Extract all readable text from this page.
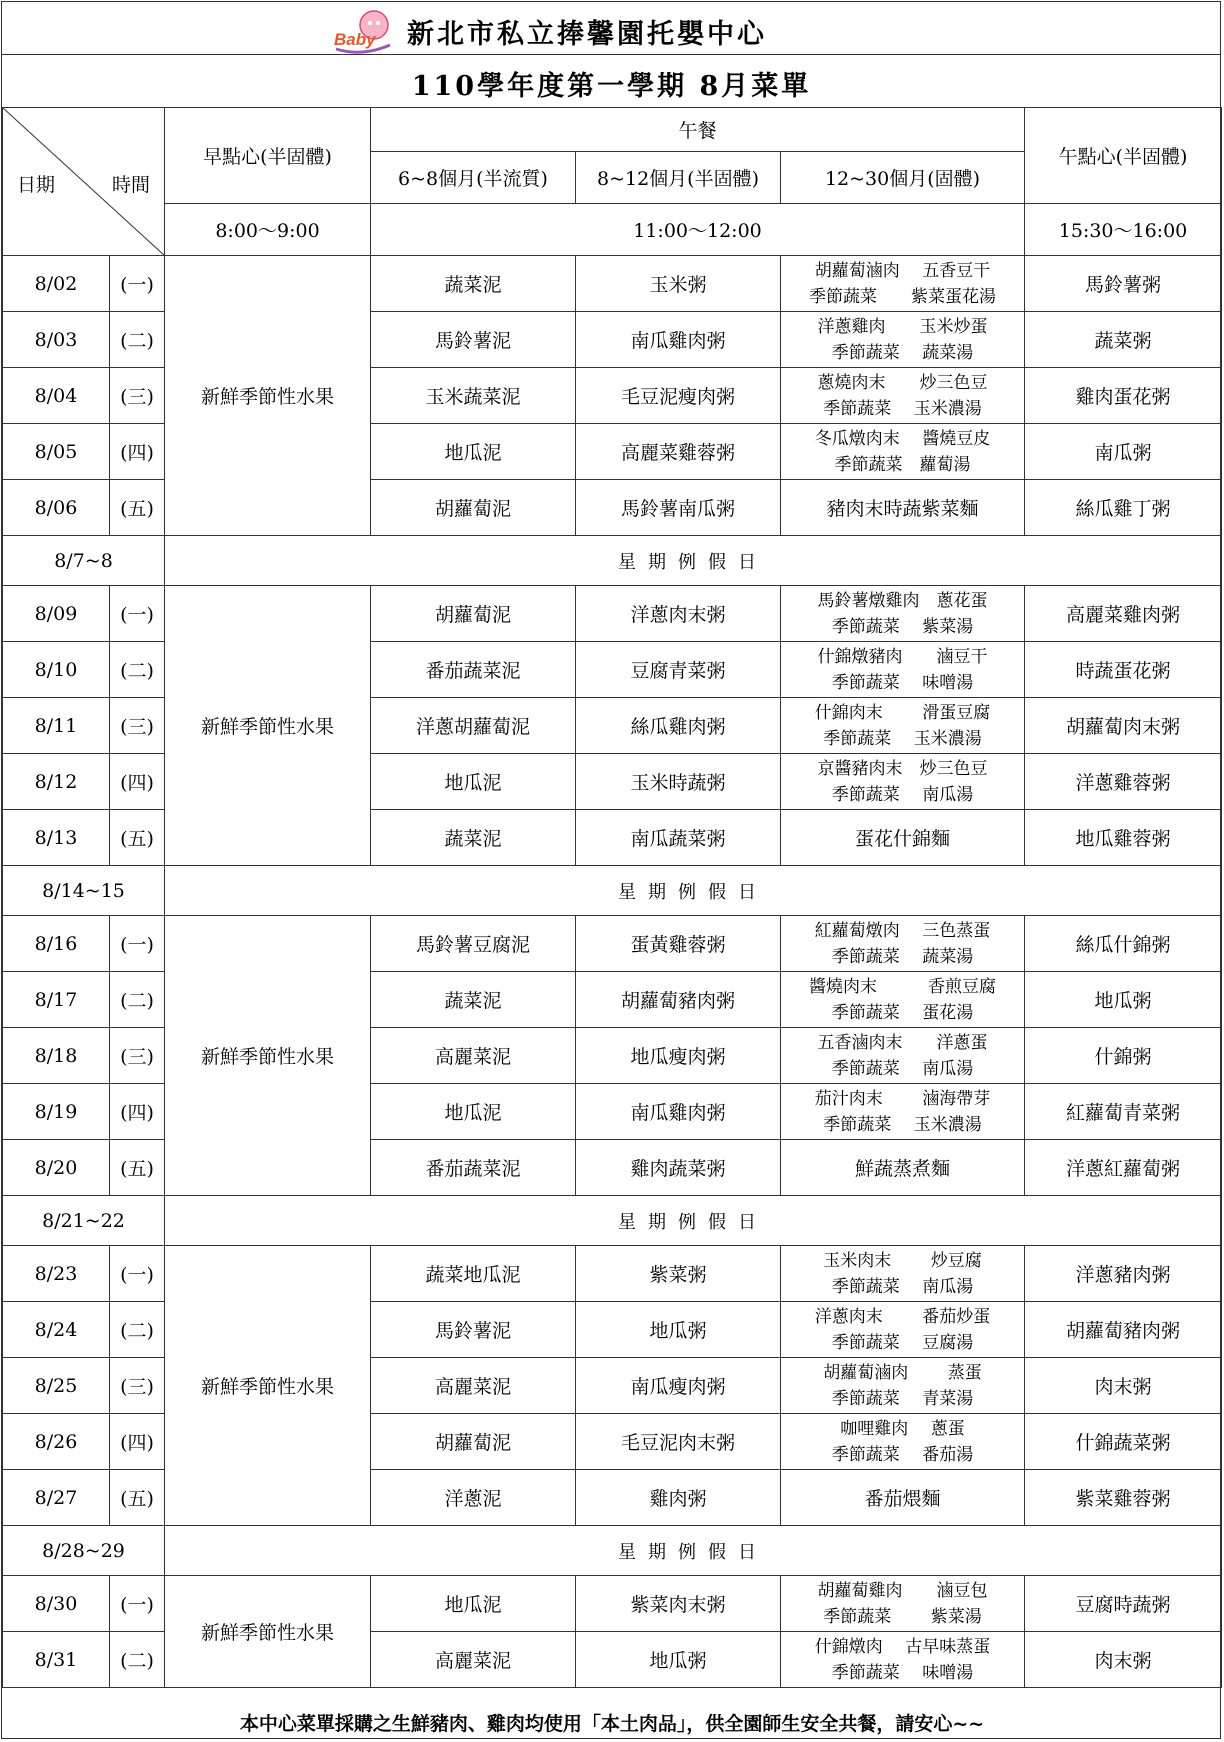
Baby 新北市私立捧馨園托嬰中心
110學年度第一學期 8月菜單
日期 時間		早點心(半固體)	午餐			午點心(半固體)
			6~8個月(半流質)	8~12個月(半固體)	12~30個月(固體)	
		8:00～9:00	11:00～12:00			15:30～16:00
8/02	(一)	新鮮季節性水果	蔬菜泥	玉米粥	胡蘿蔔滷肉　 五香豆干
季節蔬菜　　紫菜蛋花湯	馬鈴薯粥
8/03	(二)		馬鈴薯泥	南瓜雞肉粥	洋蔥雞肉　　玉米炒蛋
季節蔬菜　 蔬菜湯	蔬菜粥
8/04	(三)		玉米蔬菜泥	毛豆泥瘦肉粥	蔥燒肉末　　炒三色豆
季節蔬菜　 玉米濃湯	雞肉蛋花粥
8/05	(四)		地瓜泥	高麗菜雞蓉粥	冬瓜燉肉末　 醬燒豆皮
季節蔬菜　蘿蔔湯	南瓜粥
8/06	(五)		胡蘿蔔泥	馬鈴薯南瓜粥	豬肉末時蔬紫菜麵	絲瓜雞丁粥
8/7~8		星期例假日				
8/09	(一)	新鮮季節性水果	胡蘿蔔泥	洋蔥肉末粥	馬鈴薯燉雞肉　蔥花蛋
季節蔬菜　 紫菜湯	高麗菜雞肉粥
8/10	(二)		番茄蔬菜泥	豆腐青菜粥	什錦燉豬肉　　滷豆干
季節蔬菜　 味噌湯	時蔬蛋花粥
8/11	(三)		洋蔥胡蘿蔔泥	絲瓜雞肉粥	什錦肉末　　 滑蛋豆腐
季節蔬菜　 玉米濃湯	胡蘿蔔肉末粥
8/12	(四)		地瓜泥	玉米時蔬粥	京醬豬肉末　炒三色豆
季節蔬菜　 南瓜湯	洋蔥雞蓉粥
8/13	(五)		蔬菜泥	南瓜蔬菜粥	蛋花什錦麵	地瓜雞蓉粥
8/14~15		星期例假日				
8/16	(一)	新鮮季節性水果	馬鈴薯豆腐泥	蛋黃雞蓉粥	紅蘿蔔燉肉　 三色蒸蛋
季節蔬菜　 蔬菜湯	絲瓜什錦粥
8/17	(二)		蔬菜泥	胡蘿蔔豬肉粥	醬燒肉末　　　香煎豆腐
季節蔬菜　 蛋花湯	地瓜粥
8/18	(三)		高麗菜泥	地瓜瘦肉粥	五香滷肉末　　洋蔥蛋
季節蔬菜　 南瓜湯	什錦粥
8/19	(四)		地瓜泥	南瓜雞肉粥	茄汁肉末　　 滷海帶芽
季節蔬菜　 玉米濃湯	紅蘿蔔青菜粥
8/20	(五)		番茄蔬菜泥	雞肉蔬菜粥	鮮蔬蒸煮麵	洋蔥紅蘿蔔粥
8/21~22		星期例假日				
8/23	(一)	新鮮季節性水果	蔬菜地瓜泥	紫菜粥	玉米肉末　　 炒豆腐
季節蔬菜　 南瓜湯	洋蔥豬肉粥
8/24	(二)		馬鈴薯泥	地瓜粥	洋蔥肉末　　 番茄炒蛋
季節蔬菜　 豆腐湯	胡蘿蔔豬肉粥
8/25	(三)		高麗菜泥	南瓜瘦肉粥	胡蘿蔔滷肉　　 蒸蛋
季節蔬菜　 青菜湯	肉末粥
8/26	(四)		胡蘿蔔泥	毛豆泥肉末粥	咖哩雞肉　 蔥蛋
季節蔬菜　 番茄湯	什錦蔬菜粥
8/27	(五)		洋蔥泥	雞肉粥	番茄煨麵	紫菜雞蓉粥
8/28~29		星期例假日				
8/30	(一)	新鮮季節性水果	地瓜泥	紫菜肉末粥	胡蘿蔔雞肉　　滷豆包
季節蔬菜　　 紫菜湯	豆腐時蔬粥
8/31	(二)		高麗菜泥	地瓜粥	什錦燉肉　 古早味蒸蛋
季節蔬菜　 味噌湯	肉末粥
本中心菜單採購之生鮮豬肉、雞肉均使用「本土肉品」，供全園師生安全共餐，請安心~~
